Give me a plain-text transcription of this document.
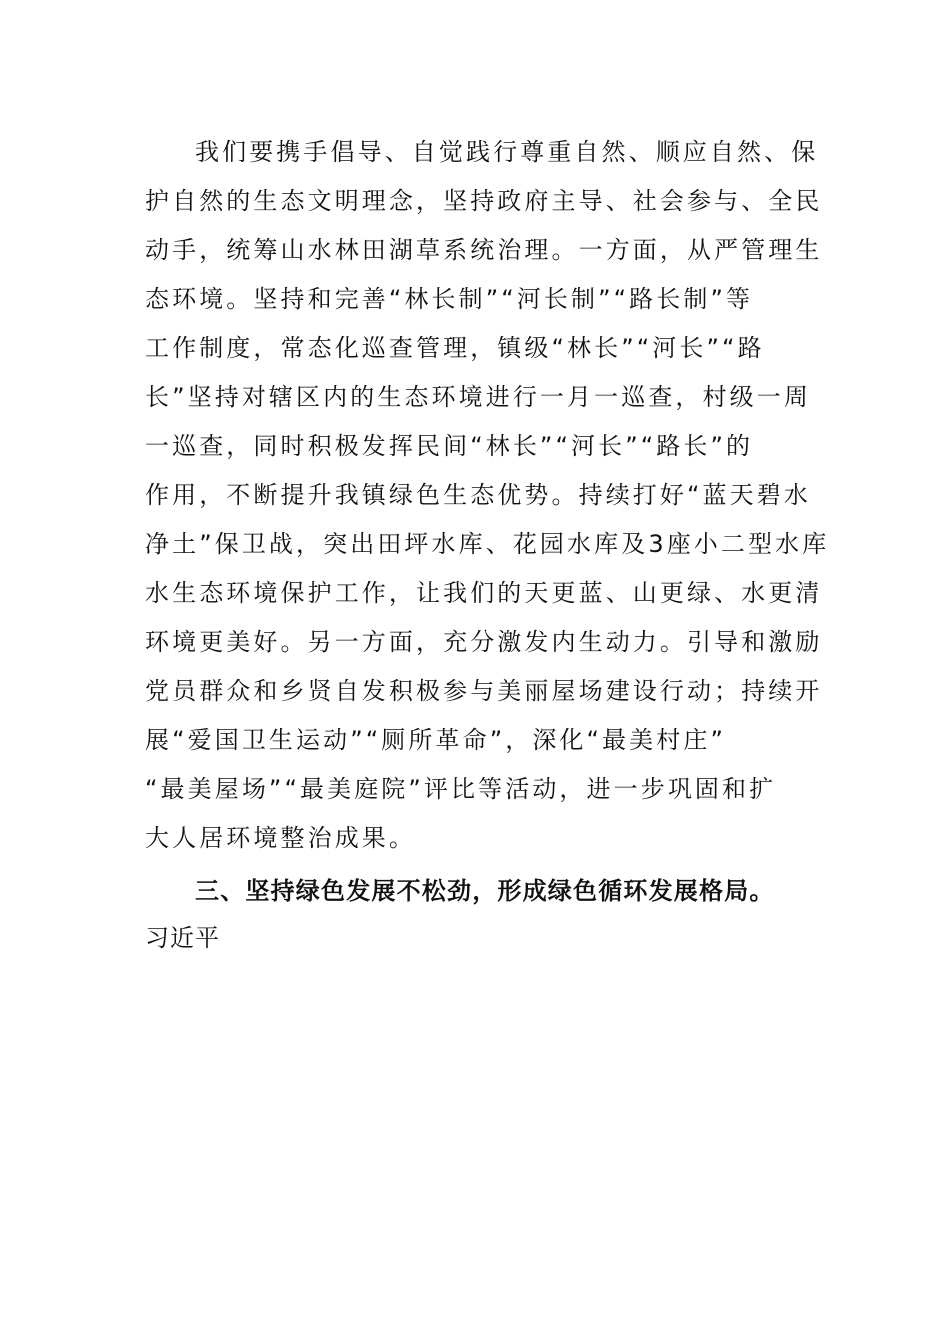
我们要携手倡导、自觉践行尊重自然、顺应自然、保
护自然的生态文明理念，坚持政府主导、社会参与、全民
动手，统筹山水林田湖草系统治理。一方面，从严管理生
态环境。坚持和完善“林长制”“河长制”“路长制”等
工作制度，常态化巡查管理，镇级“林长”“河长”“路
长”坚持对辖区内的生态环境进行一月一巡查，村级一周
一巡查，同时积极发挥民间“林长”“河长”“路长”的
作用，不断提升我镇绿色生态优势。持续打好“蓝天碧水
净土”保卫战，突出田坪水库、花园水库及3座小二型水库
水生态环境保护工作，让我们的天更蓝、山更绿、水更清
环境更美好。另一方面，充分激发内生动力。引导和激励
党员群众和乡贤自发积极参与美丽屋场建设行动；持续开
展“爱国卫生运动”“厕所革命”，深化“最美村庄”
“最美屋场”“最美庭院”评比等活动，进一步巩固和扩
大人居环境整治成果。
三、坚持绿色发展不松劲，形成绿色循环发展格局。
习近平
